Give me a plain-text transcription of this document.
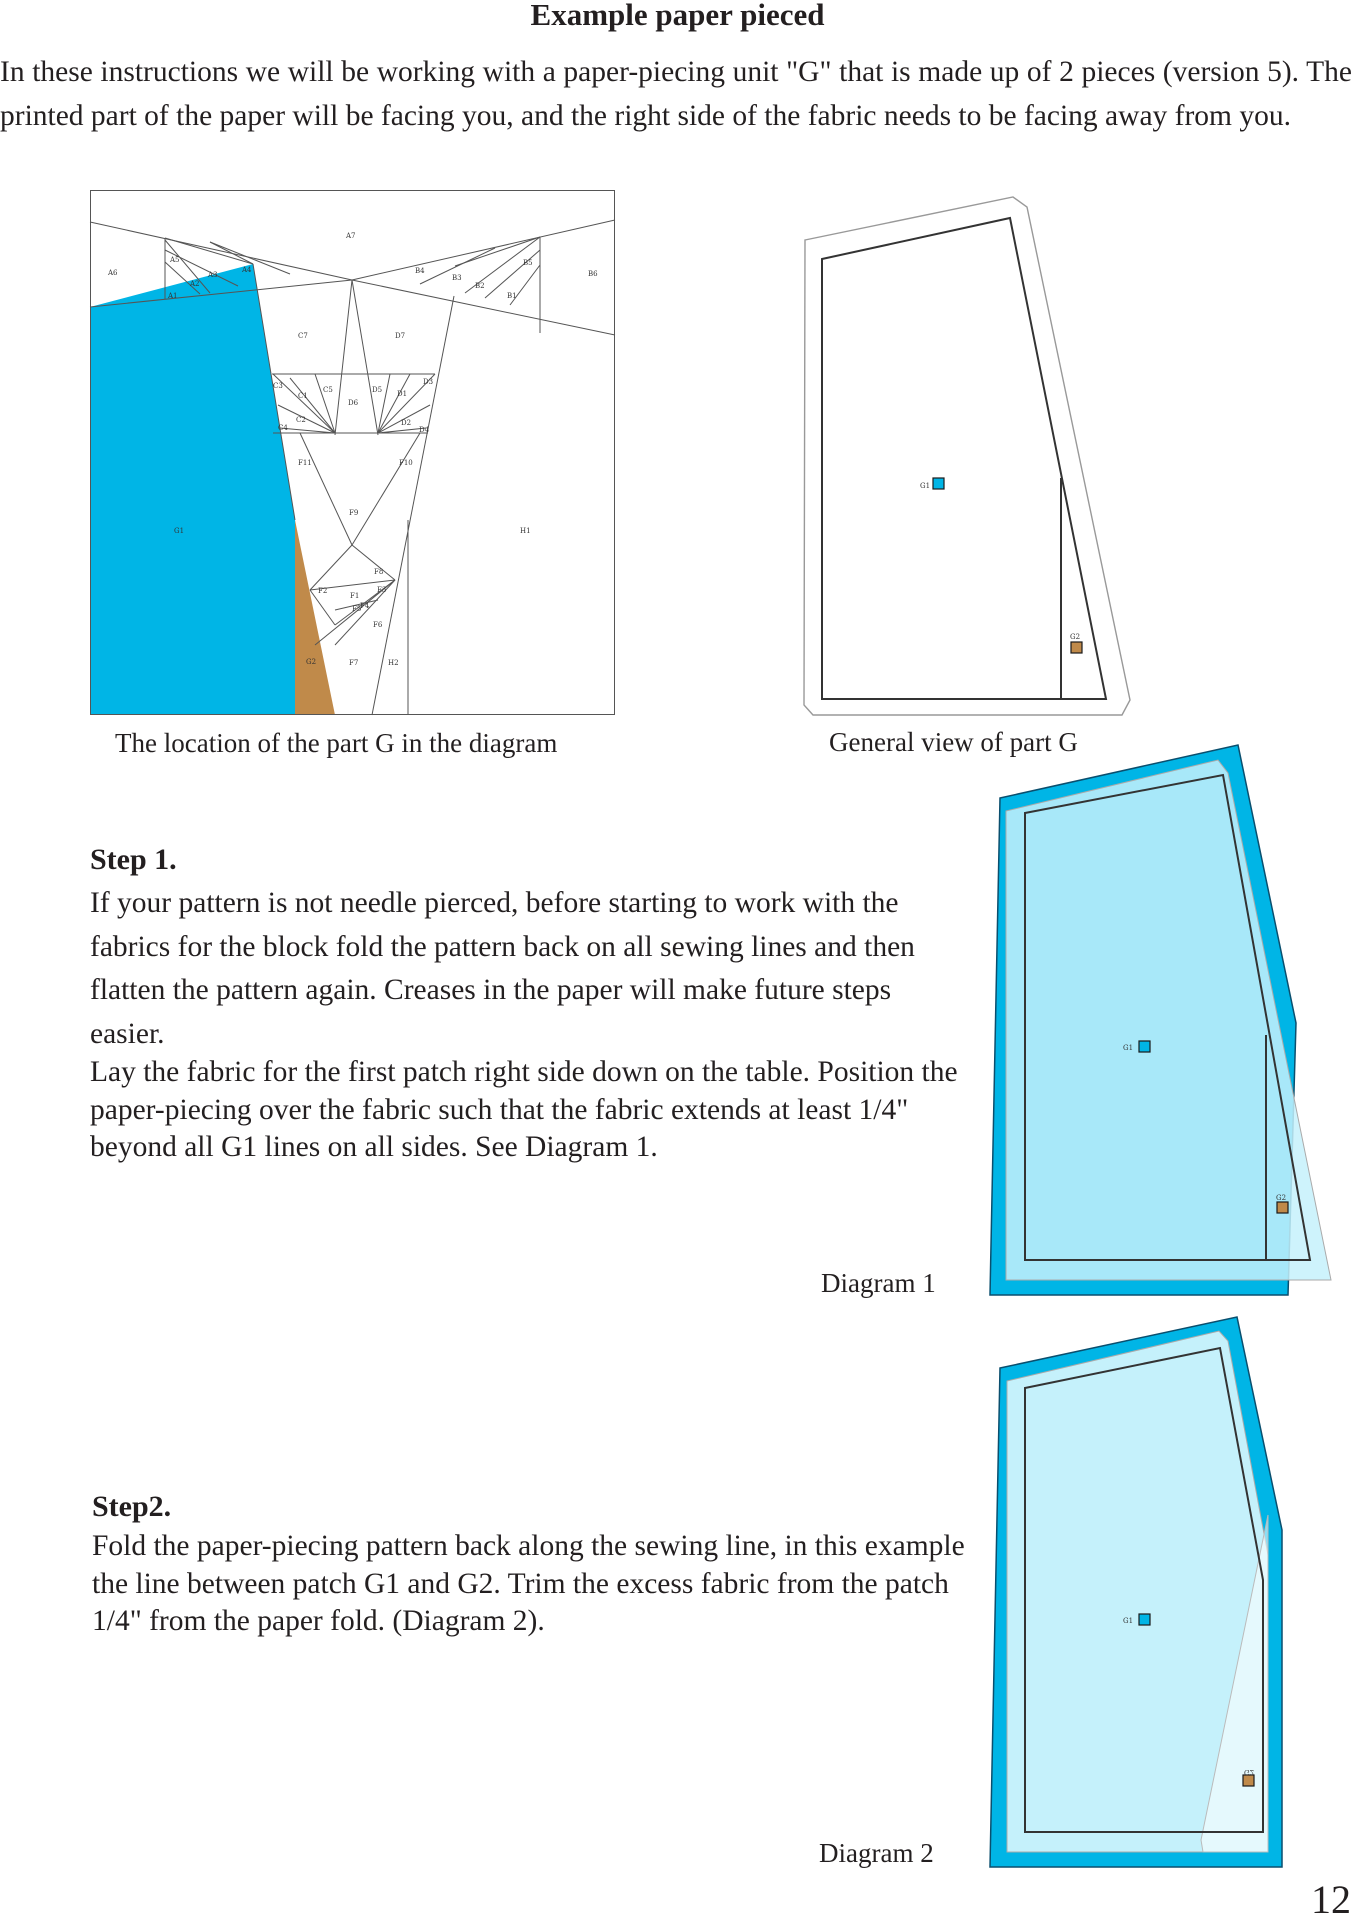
Example paper pieced
In these instructions we will be working with a paper-piecing unit "G" that is made up of 2 pieces (version 5). The printed part of the paper will be facing you, and the right side of the fabric needs to be facing away from you.
A6
A1
A5
A2
A3
A4
A7
B4
B3
B2
B1
B5
B6
C7	D7
C3
C1
C5
C2
C4
D6
D5 D1
D3
D2
D4
F11	F10
F9
F8
F2
F1
F3
F5
F4
F6
F7	H2
G1
G2
H1
The location of the part G in the diagram
G1
G2
General view of part G
Step 1.
If your pattern is not needle pierced, before starting to work with the fabrics for the block fold the pattern back on all sewing lines and then flatten the pattern again. Creases in the paper will make future steps easier.
Lay the fabric for the first patch right side down on the table. Position the paper-piecing over the fabric such that the fabric extends at least 1/4" beyond all G1 lines on all sides. See Diagram 1.
G1
G2
Diagram 1
Step2.
Fold the paper-piecing pattern back along the sewing line, in this example the line between patch G1 and G2. Trim the excess fabric from the patch 1/4" from the paper fold. (Diagram 2).	G1
G2
Diagram 2
12
